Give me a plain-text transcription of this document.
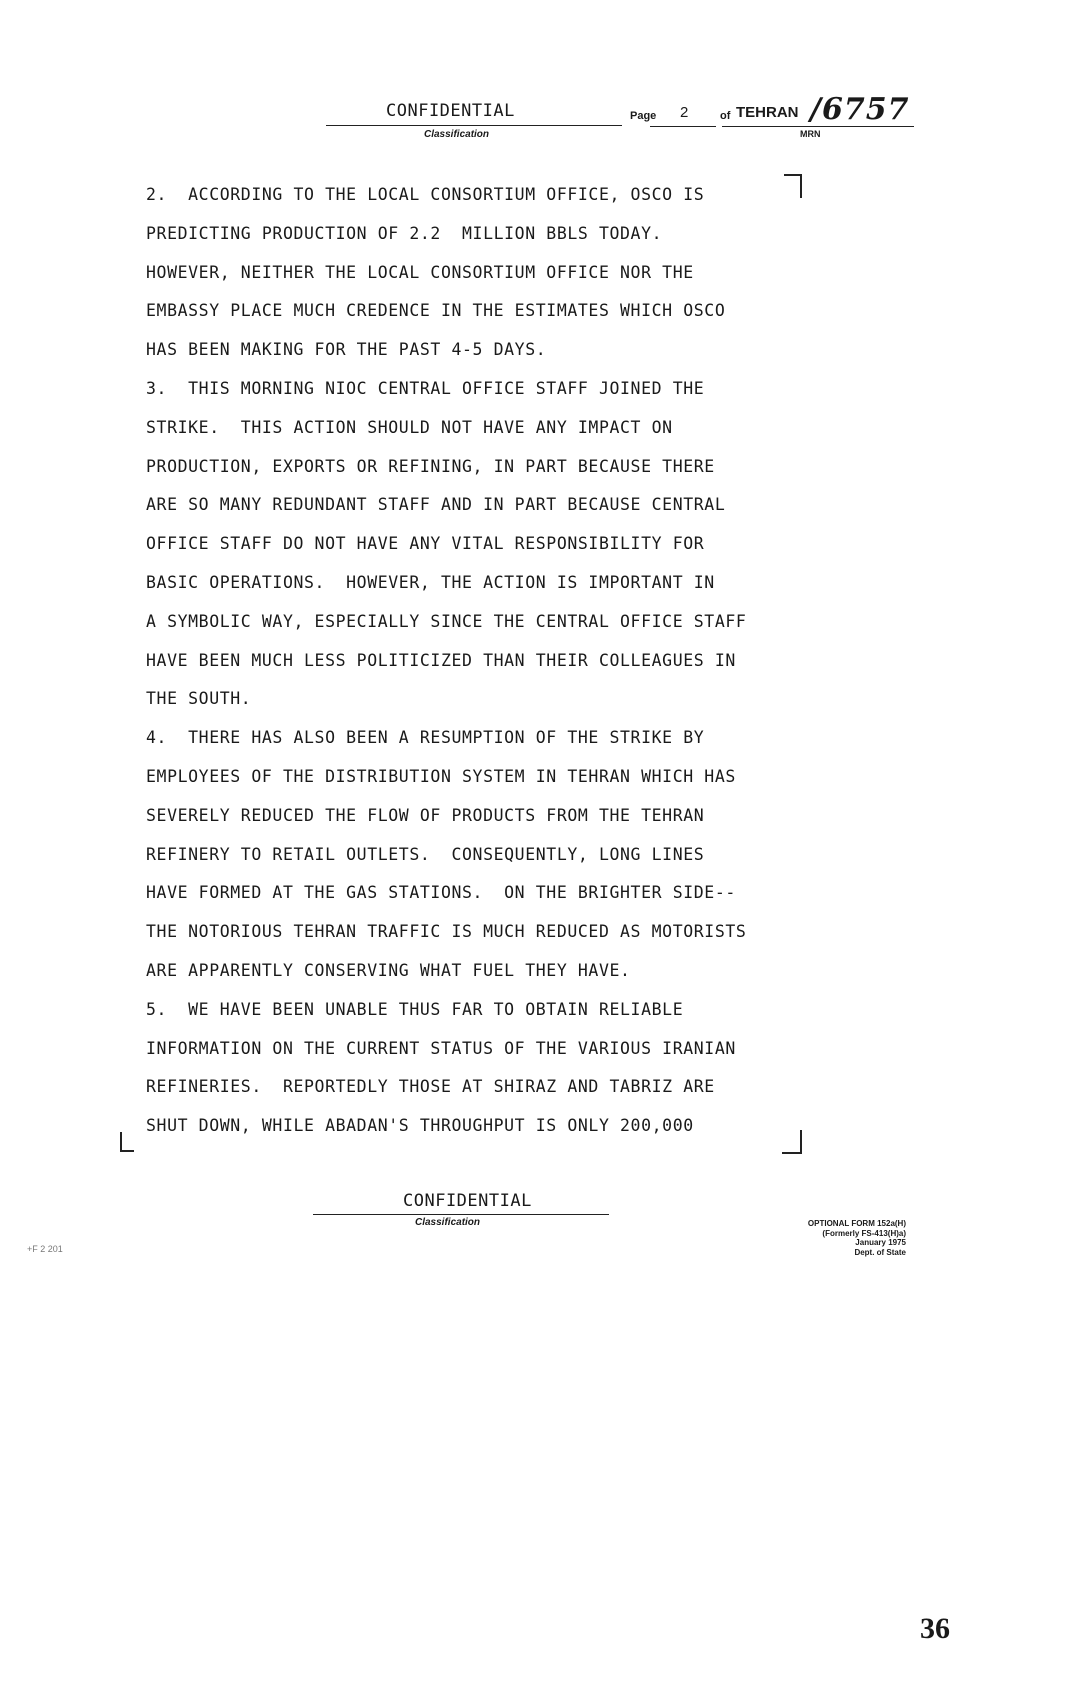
CONFIDENTIAL
Classification
Page 2	of TEHRAN /6757
MRN
2.  ACCORDING TO THE LOCAL CONSORTIUM OFFICE, OSCO IS
PREDICTING PRODUCTION OF 2.2  MILLION BBLS TODAY.
HOWEVER, NEITHER THE LOCAL CONSORTIUM OFFICE NOR THE
EMBASSY PLACE MUCH CREDENCE IN THE ESTIMATES WHICH OSCO
HAS BEEN MAKING FOR THE PAST 4-5 DAYS.
3.  THIS MORNING NIOC CENTRAL OFFICE STAFF JOINED THE
STRIKE.  THIS ACTION SHOULD NOT HAVE ANY IMPACT ON
PRODUCTION, EXPORTS OR REFINING, IN PART BECAUSE THERE
ARE SO MANY REDUNDANT STAFF AND IN PART BECAUSE CENTRAL
OFFICE STAFF DO NOT HAVE ANY VITAL RESPONSIBILITY FOR
BASIC OPERATIONS.  HOWEVER, THE ACTION IS IMPORTANT IN
A SYMBOLIC WAY, ESPECIALLY SINCE THE CENTRAL OFFICE STAFF
HAVE BEEN MUCH LESS POLITICIZED THAN THEIR COLLEAGUES IN
THE SOUTH.
4.  THERE HAS ALSO BEEN A RESUMPTION OF THE STRIKE BY
EMPLOYEES OF THE DISTRIBUTION SYSTEM IN TEHRAN WHICH HAS
SEVERELY REDUCED THE FLOW OF PRODUCTS FROM THE TEHRAN
REFINERY TO RETAIL OUTLETS.  CONSEQUENTLY, LONG LINES
HAVE FORMED AT THE GAS STATIONS.  ON THE BRIGHTER SIDE--
THE NOTORIOUS TEHRAN TRAFFIC IS MUCH REDUCED AS MOTORISTS
ARE APPARENTLY CONSERVING WHAT FUEL THEY HAVE.
5.  WE HAVE BEEN UNABLE THUS FAR TO OBTAIN RELIABLE
INFORMATION ON THE CURRENT STATUS OF THE VARIOUS IRANIAN
REFINERIES.  REPORTEDLY THOSE AT SHIRAZ AND TABRIZ ARE
SHUT DOWN, WHILE ABADAN'S THROUGHPUT IS ONLY 200,000
CONFIDENTIAL
Classification	OPTIONAL FORM 152a(H)
(Formerly FS-413(H)a)
January 1975
Dept. of State
+F 2 201
36
